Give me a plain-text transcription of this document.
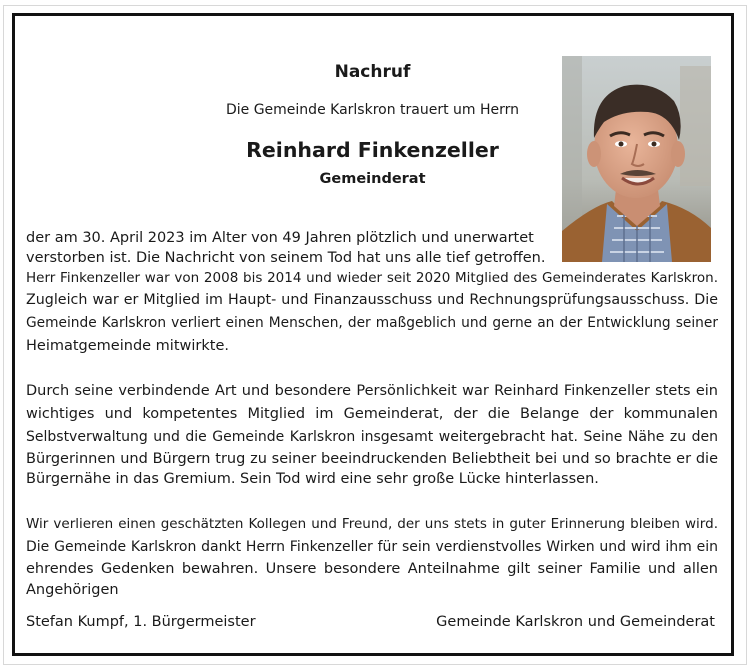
Nachruf
Die Gemeinde Karlskron trauert um Herrn
Reinhard Finkenzeller
Gemeinderat
der am 30. April 2023 im Alter von 49 Jahren plötzlich und unerwartet
verstorben ist. Die Nachricht von seinem Tod hat uns alle tief getroffen.
Herr Finkenzeller war von 2008 bis 2014 und wieder seit 2020 Mitglied des Gemeinderates Karlskron.
Zugleich war er Mitglied im Haupt- und Finanzausschuss und Rechnungsprüfungsausschuss. Die
Gemeinde Karlskron verliert einen Menschen, der maßgeblich und gerne an der Entwicklung seiner
Heimatgemeinde mitwirkte.
Durch seine verbindende Art und besondere Persönlichkeit war Reinhard Finkenzeller stets ein
wichtiges und kompetentes Mitglied im Gemeinderat, der die Belange der kommunalen
Selbstverwaltung und die Gemeinde Karlskron insgesamt weitergebracht hat. Seine Nähe zu den
Bürgerinnen und Bürgern trug zu seiner beeindruckenden Beliebtheit bei und so brachte er die
Bürgernähe in das Gremium. Sein Tod wird eine sehr große Lücke hinterlassen.
Wir verlieren einen geschätzten Kollegen und Freund, der uns stets in guter Erinnerung bleiben wird.
Die Gemeinde Karlskron dankt Herrn Finkenzeller für sein verdienstvolles Wirken und wird ihm ein
ehrendes Gedenken bewahren. Unsere besondere Anteilnahme gilt seiner Familie und allen
Angehörigen
Stefan Kumpf, 1. Bürgermeister	Gemeinde Karlskron und Gemeinderat
